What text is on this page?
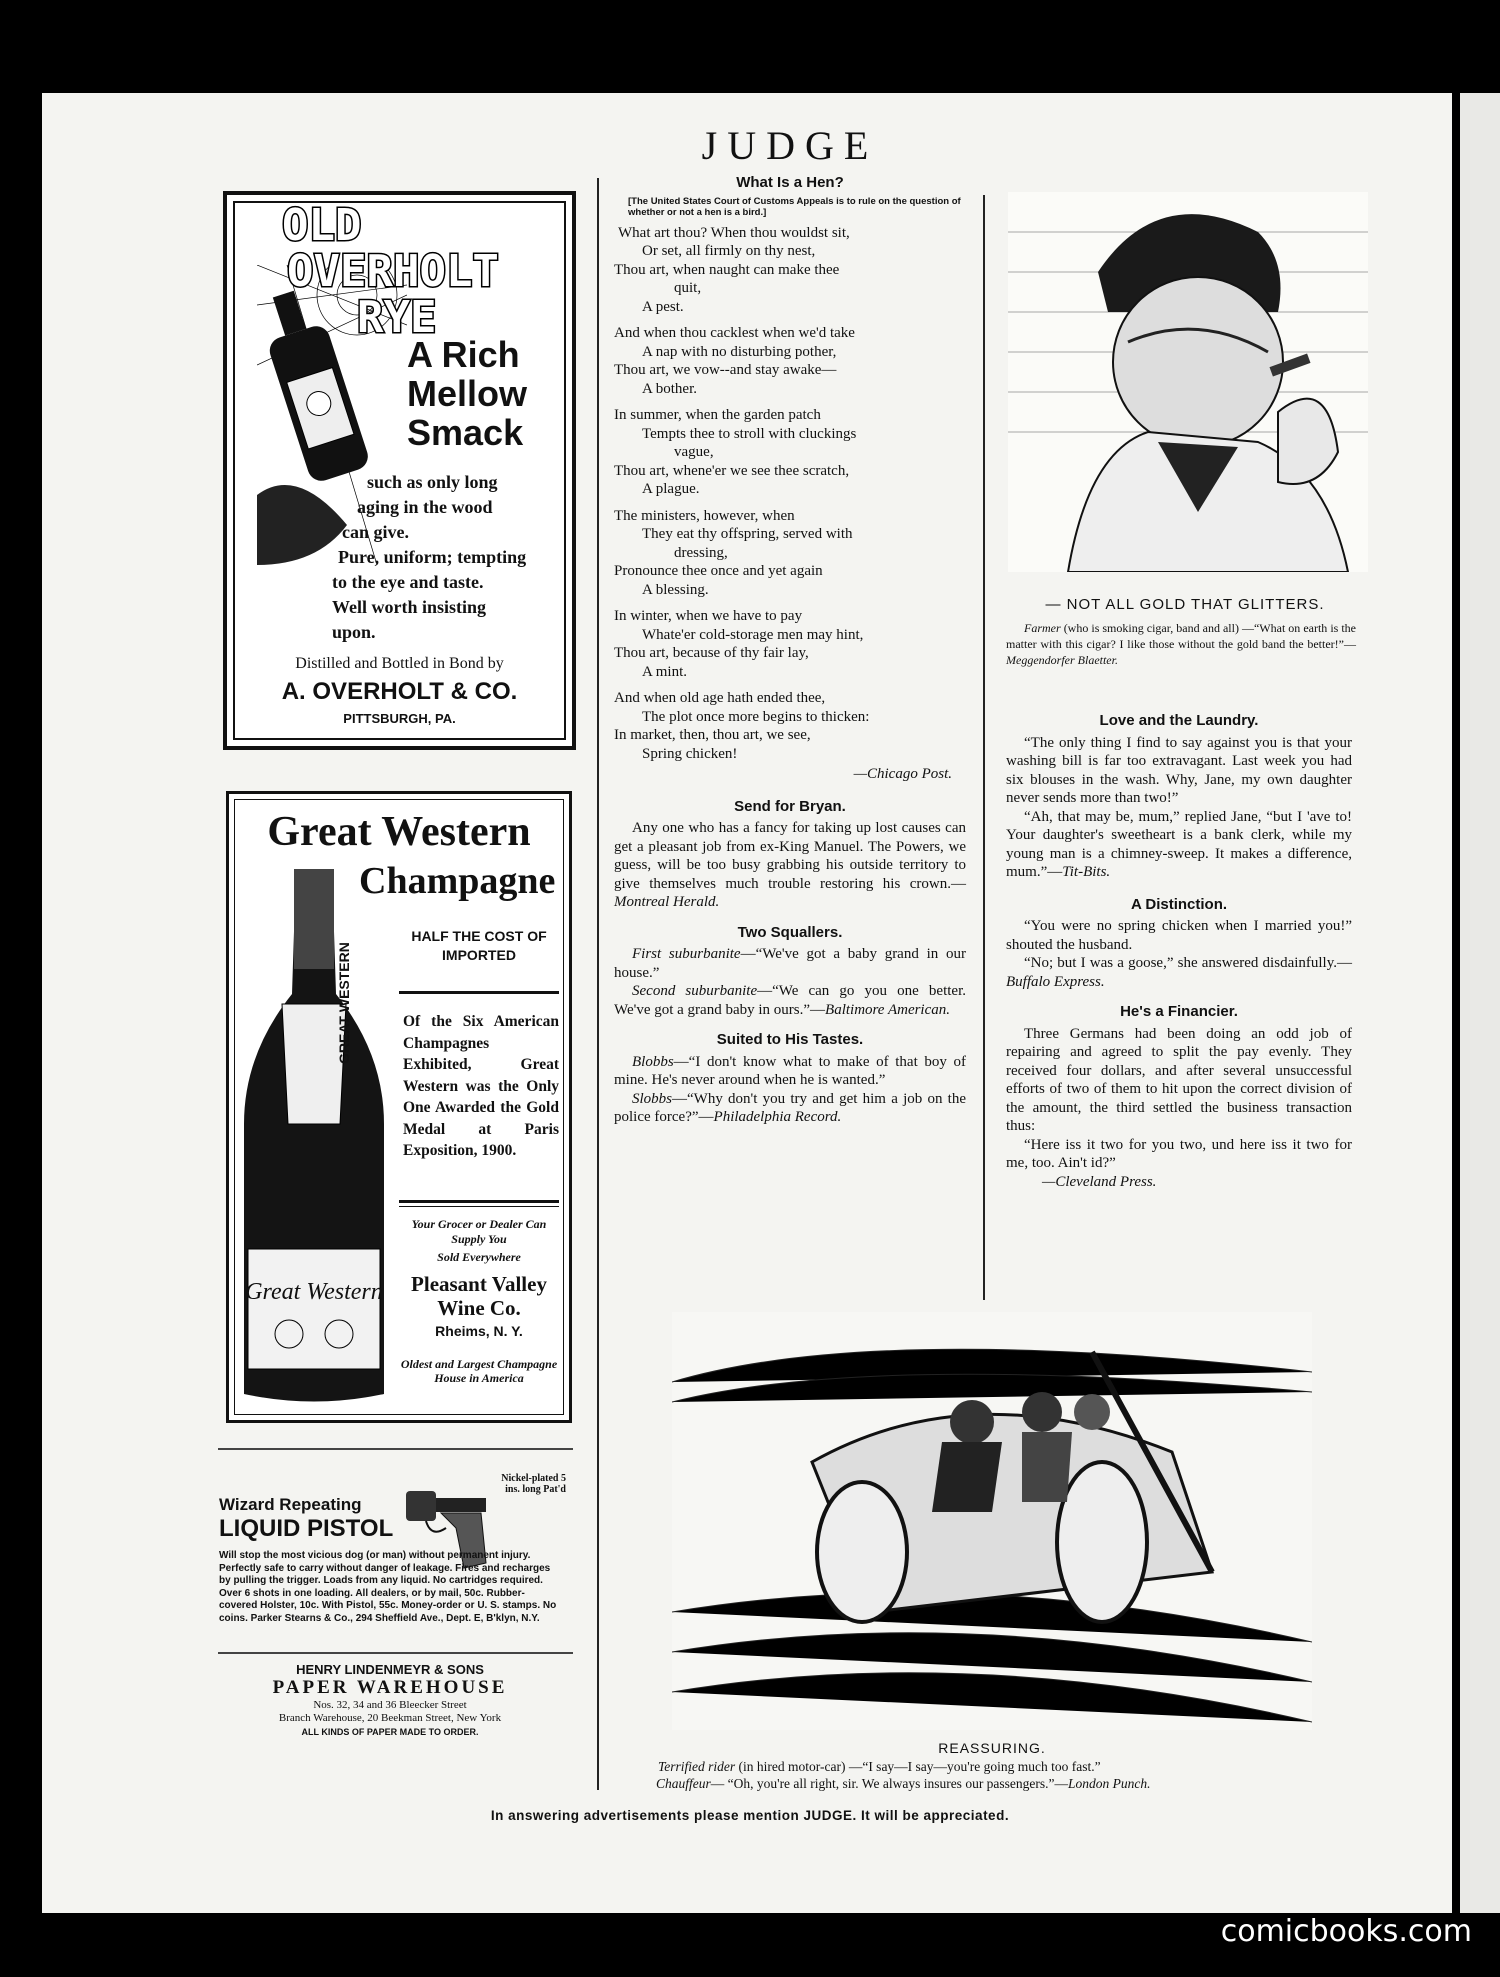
JUDGE
OLD
OVERHOLT
RYE
A Rich
Mellow
Smack
such as only long
aging in the wood
can give.
Pure, uniform; tempting
to the eye and taste.
Well worth insisting
upon.
Distilled and Bottled in Bond by
A. OVERHOLT & CO.
PITTSBURGH, PA.
Great Western
Champagne
HALF THE COST OF IMPORTED
Of the Six American Champagnes Exhibited, Great Western was the Only One Awarded the Gold Medal at Paris Exposition, 1900.
Your Grocer or Dealer Can Supply You
Sold Everywhere
Pleasant Valley Wine Co.
Rheims, N. Y.
Oldest and Largest Champagne House in America
GREAT WESTERN
Great Western
Wizard Repeating
LIQUID PISTOL
Nickel-plated 5 ins. long Pat'd
Will stop the most vicious dog (or man) without permanent injury. Perfectly safe to carry without danger of leakage. Fires and recharges by pulling the trigger. Loads from any liquid. No cartridges required. Over 6 shots in one loading. All dealers, or by mail, 50c. Rubber-covered Holster, 10c. With Pistol, 55c. Money-order or U. S. stamps. No coins. Parker Stearns & Co., 294 Sheffield Ave., Dept. E, B'klyn, N.Y.
HENRY LINDENMEYR & SONS
PAPER WAREHOUSE
Nos. 32, 34 and 36 Bleecker Street
Branch Warehouse, 20 Beekman Street, New York
ALL KINDS OF PAPER MADE TO ORDER.
What Is a Hen?
[The United States Court of Customs Appeals is to rule on the question of whether or not a hen is a bird.]
What art thou? When thou wouldst sit,
Or set, all firmly on thy nest,
Thou art, when naught can make thee
quit,
A pest.
And when thou cacklest when we'd take
A nap with no disturbing pother,
Thou art, we vow--and stay awake—
A bother.
In summer, when the garden patch
Tempts thee to stroll with cluckings
vague,
Thou art, whene'er we see thee scratch,
A plague.
The ministers, however, when
They eat thy offspring, served with
dressing,
Pronounce thee once and yet again
A blessing.
In winter, when we have to pay
Whate'er cold-storage men may hint,
Thou art, because of thy fair lay,
A mint.
And when old age hath ended thee,
The plot once more begins to thicken:
In market, then, thou art, we see,
Spring chicken!
—Chicago Post.
Send for Bryan.

Any one who has a fancy for taking up lost causes can get a pleasant job from ex-King Manuel. The Powers, we guess, will be too busy grabbing his outside territory to give themselves much trouble restoring his crown.—Montreal Herald.

Two Squallers.

First suburbanite—“We've got a baby grand in our house.”

Second suburbanite—“We can go you one better. We've got a grand baby in ours.”—Baltimore American.

Suited to His Tastes.

Blobbs—“I don't know what to make of that boy of mine. He's never around when he is wanted.”

Slobbs—“Why don't you try and get him a job on the police force?”—Philadelphia Record.

— NOT ALL GOLD THAT GLITTERS.

Farmer (who is smoking cigar, band and all) —“What on earth is the matter with this cigar? I like those without the gold band the better!”—Meggendorfer Blaetter.

Love and the Laundry.

“The only thing I find to say against you is that your washing bill is far too extravagant. Last week you had six blouses in the wash. Why, Jane, my own daughter never sends more than two!”

“Ah, that may be, mum,” replied Jane, “but I 'ave to! Your daughter's sweetheart is a bank clerk, while my young man is a chimney-sweep. It makes a difference, mum.”—Tit-Bits.

A Distinction.

“You were no spring chicken when I married you!” shouted the husband.

“No; but I was a goose,” she answered disdainfully.—Buffalo Express.

He's a Financier.

Three Germans had been doing an odd job of repairing and agreed to split the pay evenly. They received four dollars, and after several unsuccessful efforts of two of them to hit upon the correct division of the amount, the third settled the business transaction thus:

“Here iss it two for you two, und here iss it two for me, too. Ain't id?”

—Cleveland Press.
REASSURING.
Terrified rider (in hired motor-car) —“I say—I say—you're going much too fast.”
Chauffeur— “Oh, you're all right, sir. We always insures our passengers.”—London Punch.
In answering advertisements please mention JUDGE. It will be appreciated.
comicbooks.com
